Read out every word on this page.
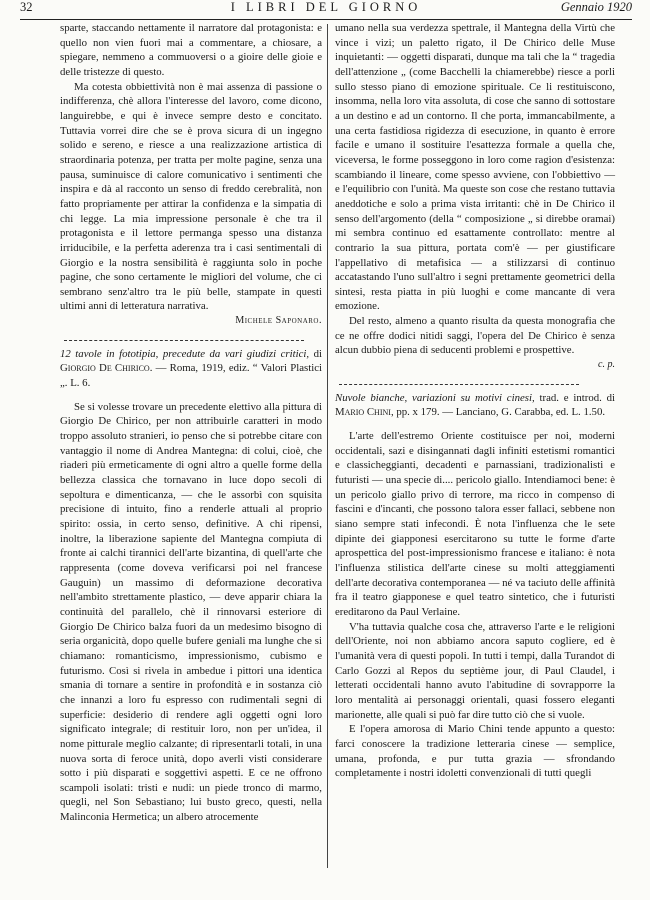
32	I LIBRI DEL GIORNO	Gennaio 1920

sparte, staccando nettamente il narratore dal protagonista: e quello non vien fuori mai a commentare, a chiosare, a spiegare, nemmeno a commuoversi o a gioire delle gioie e delle tristezze di questo.

Ma cotesta obbiettività non è mai assenza di passione o indifferenza, chè allora l'interesse del lavoro, come dicono, languirebbe, e qui è invece sempre desto e concitato. Tuttavia vorrei dire che se è prova sicura di un ingegno solido e sereno, e riesce a una realizzazione artistica di straordinaria potenza, per tratta per molte pagine, senza una pausa, suminuisce di calore comunicativo i sentimenti che inspira e dà al racconto un senso di freddo cerebralità, non fatto propriamente per attirar la confidenza e la simpatia di chi legge. La mia impressione personale è che tra il protagonista e il lettore permanga spesso una distanza irriducibile, e la perfetta aderenza tra i casi sentimentali di Giorgio e la nostra sensibilità è raggiunta solo in poche pagine, che sono certamente le migliori del volume, che ci sembrano senz'altro tra le più belle, stampate in questi ultimi anni di letteratura narrativa.

Michele Saponaro.

12 tavole in fototipia, precedute da vari giudizi critici, di Giorgio De Chirico. — Roma, 1919, ediz. “ Valori Plastici „. L. 6.

Se si volesse trovare un precedente elettivo alla pittura di Giorgio De Chirico, per non attribuirle caratteri in modo troppo assoluto stranieri, io penso che si potrebbe citare con vantaggio il nome di Andrea Mantegna: di colui, cioè, che riaderì più ermeticamente di ogni altro a quelle forme della bellezza classica che tornavano in luce dopo secoli di sepoltura e dimenticanza, — che le assorbì con squisita precisione di intuito, fino a renderle attuali al proprio spirito: ossia, in certo senso, definitive. A chi ripensi, inoltre, la liberazione sapiente del Mantegna compiuta di fronte ai calchi tirannici dell'arte bizantina, di quell'arte che rappresenta (come doveva verificarsi poi nel francese Gauguin) un massimo di deformazione decorativa nell'ambito strettamente plastico, — deve apparir chiara la continuità del parallelo, chè il rinnovarsi esteriore di Giorgio De Chirico balza fuori da un medesimo bisogno di seria organicità, dopo quelle bufere geniali ma lunghe che si chiamano: romanticismo, impressionismo, cubismo e futurismo. Così si rivela in ambedue i pittori una identica smania di tornare a sentire in profondità e in sostanza ciò che innanzi a loro fu espresso con rudimentali segni di superficie: desiderio di rendere agli oggetti ogni loro significato integrale; di restituir loro, non per un'idea, il nome pitturale meglio calzante; di ripresentarli totali, in una nuova sorta di feroce unità, dopo averli visti considerare sotto i più disparati e soggettivi aspetti. E ce ne offrono scampoli isolati: tristi e nudi: un piede tronco di marmo, quegli, nel Son Sebastiano; lui busto greco, questi, nella Malinconia Hermetica; un albero atrocemente

umano nella sua verdezza spettrale, il Mantegna della Virtù che vince i vizi; un paletto rigato, il De Chirico delle Muse inquietanti: — oggetti disparati, dunque ma tali che la “ tragedia dell'attenzione „ (come Bacchelli la chiamerebbe) riesce a porli sullo stesso piano di emozione spirituale. Ce li restituiscono, insomma, nella loro vita assoluta, di cose che sanno di sottostare a un destino e ad un contorno. Il che porta, immancabilmente, a una certa fastidiosa rigidezza di esecuzione, in quanto è errore facile e umano il sostituire l'esattezza formale a quella che, viceversa, le forme posseggono in loro come ragion d'esistenza: scambiando il lineare, come spesso avviene, con l'obbiettivo — e l'equilibrio con l'unità. Ma queste son cose che restano tuttavia aneddotiche e solo a prima vista irritanti: chè in De Chirico il senso dell'argomento (della “ composizione „ si direbbe oramai) mi sembra continuo ed esattamente controllato: mentre al contrario la sua pittura, portata com'è — per giustificare l'appellativo di metafisica — a stilizzarsi di continuo accatastando l'uno sull'altro i segni prettamente geometrici della sintesi, resta piatta in più luoghi e come mancante di vera emozione.

Del resto, almeno a quanto risulta da questa monografia che ce ne offre dodici nitidi saggi, l'opera del De Chirico è senza alcun dubbio piena di seducenti problemi e prospettive.

c. p.

Nuvole bianche, variazioni su motivi cinesi, trad. e introd. di Mario Chini, pp. x 179. — Lanciano, G. Carabba, ed. L. 1.50.

L'arte dell'estremo Oriente costituisce per noi, moderni occidentali, sazi e disingannati dagli infiniti estetismi romantici e classicheggianti, decadenti e parnassiani, tradizionalisti e futuristi — una specie di.... pericolo giallo. Intendiamoci bene: è un pericolo giallo privo di terrore, ma ricco in compenso di fascini e d'incanti, che possono talora esser fallaci, sebbene non siano sempre stati infecondi. È nota l'influenza che le sete dipinte dei giapponesi esercitarono su tutte le forme d'arte aprospettica del post-impressionismo francese e italiano: è nota l'influenza stilistica dell'arte cinese su molti atteggiamenti dell'arte decorativa contemporanea — né va taciuto delle affinità fra il teatro giapponese e quel teatro sintetico, che i futuristi ereditarono da Paul Verlaine.

V'ha tuttavia qualche cosa che, attraverso l'arte e le religioni dell'Oriente, noi non abbiamo ancora saputo cogliere, ed è l'umanità vera di questi popoli. In tutti i tempi, dalla Turandot di Carlo Gozzi al Repos du septième jour, di Paul Claudel, i letterati occidentali hanno avuto l'abitudine di sovrapporre la loro mentalità ai personaggi orientali, quasi fossero eleganti marionette, alle quali si può far dire tutto ciò che si vuole.

E l'opera amorosa di Mario Chini tende appunto a questo: farci conoscere la tradizione letteraria cinese — semplice, umana, profonda, e pur tutta grazia — sfrondando completamente i nostri idoletti convenzionali di tutti quegli
